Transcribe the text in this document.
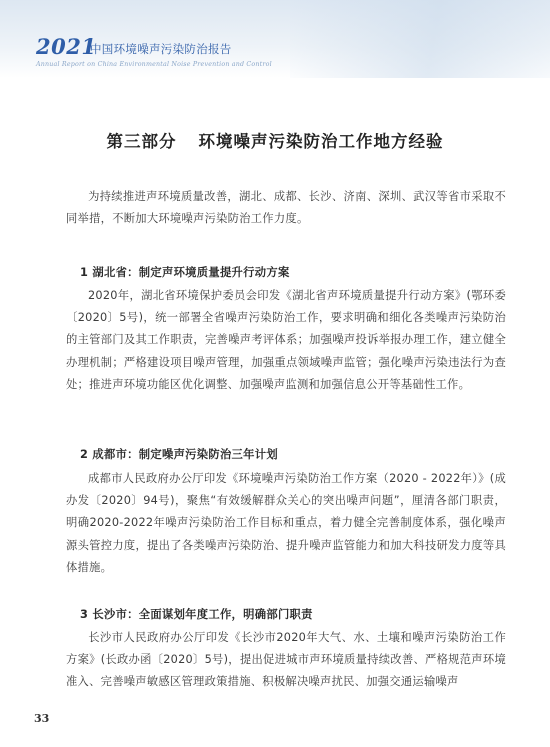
2021
中国环境噪声污染防治报告
Annual Report on China Environmental Noise Prevention and Control
第三部分 环境噪声污染防治工作地方经验

为持续推进声环境质量改善，湖北、成都、长沙、济南、深圳、武汉等省市采取不同举措，不断加大环境噪声污染防治工作力度。

1 湖北省：制定声环境质量提升行动方案

2020年，湖北省环境保护委员会印发《湖北省声环境质量提升行动方案》(鄂环委〔2020〕5号)，统一部署全省噪声污染防治工作，要求明确和细化各类噪声污染防治的主管部门及其工作职责，完善噪声考评体系；加强噪声投诉举报办理工作，建立健全办理机制；严格建设项目噪声管理，加强重点领域噪声监管；强化噪声污染违法行为查处；推进声环境功能区优化调整、加强噪声监测和加强信息公开等基础性工作。

2 成都市：制定噪声污染防治三年计划

成都市人民政府办公厅印发《环境噪声污染防治工作方案（2020 - 2022年）》(成办发〔2020〕94号)，聚焦“有效缓解群众关心的突出噪声问题”，厘清各部门职责，明确2020-2022年噪声污染防治工作目标和重点，着力健全完善制度体系，强化噪声源头管控力度，提出了各类噪声污染防治、提升噪声监管能力和加大科技研发力度等具体措施。

3 长沙市：全面谋划年度工作，明确部门职责

长沙市人民政府办公厅印发《长沙市2020年大气、水、土壤和噪声污染防治工作方案》(长政办函〔2020〕5号)，提出促进城市声环境质量持续改善、严格规范声环境准入、完善噪声敏感区管理政策措施、积极解决噪声扰民、加强交通运输噪声

33
